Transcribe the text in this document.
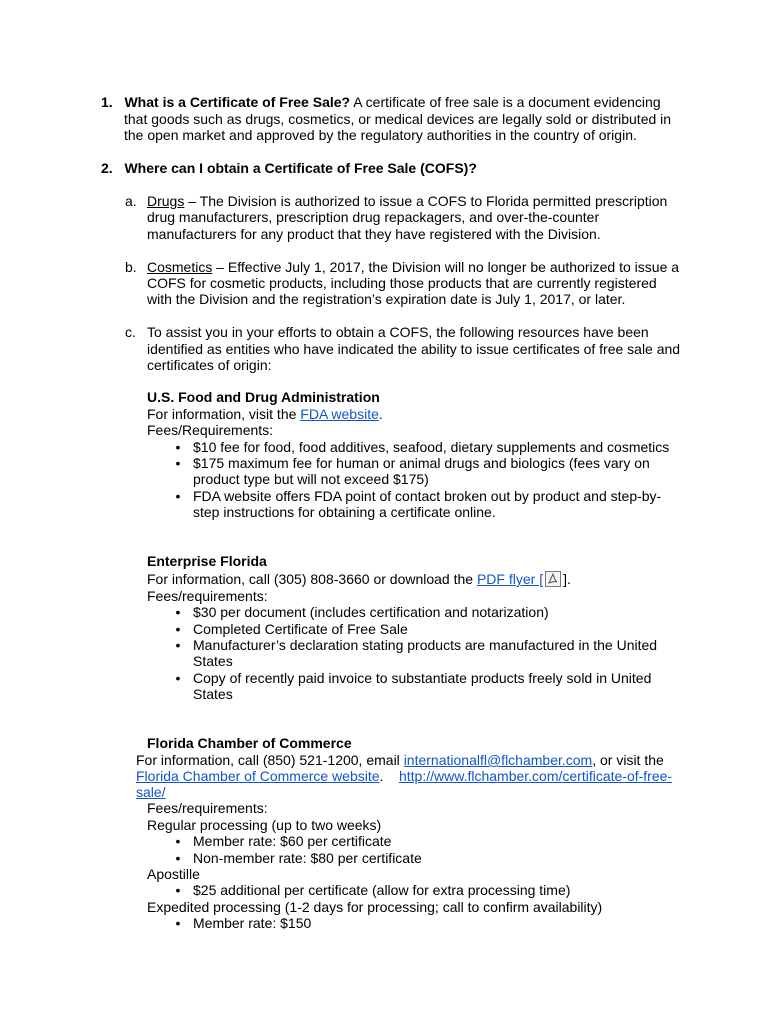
1. What is a Certificate of Free Sale? A certificate of free sale is a document evidencing
that goods such as drugs, cosmetics, or medical devices are legally sold or distributed in
the open market and approved by the regulatory authorities in the country of origin.
2. Where can I obtain a Certificate of Free Sale (COFS)?
a. Drugs – The Division is authorized to issue a COFS to Florida permitted prescription
drug manufacturers, prescription drug repackagers, and over-the-counter
manufacturers for any product that they have registered with the Division.
b. Cosmetics – Effective July 1, 2017, the Division will no longer be authorized to issue a
COFS for cosmetic products, including those products that are currently registered
with the Division and the registration’s expiration date is July 1, 2017, or later.
c. To assist you in your efforts to obtain a COFS, the following resources have been
identified as entities who have indicated the ability to issue certificates of free sale and
certificates of origin:
U.S. Food and Drug Administration
For information, visit the FDA website.
Fees/Requirements:
• $10 fee for food, food additives, seafood, dietary supplements and cosmetics
• $175 maximum fee for human or animal drugs and biologics (fees vary on
product type but will not exceed $175)
• FDA website offers FDA point of contact broken out by product and step-by-
step instructions for obtaining a certificate online.
Enterprise Florida
For information, call (305) 808-3660 or download the PDF flyer [ ].
Fees/requirements:
• $30 per document (includes certification and notarization)
• Completed Certificate of Free Sale
• Manufacturer’s declaration stating products are manufactured in the United
States
• Copy of recently paid invoice to substantiate products freely sold in United
States
Florida Chamber of Commerce
For information, call (850) 521-1200, email internationalfl@flchamber.com, or visit the
Florida Chamber of Commerce website.    http://www.flchamber.com/certificate-of-free-
sale/
Fees/requirements:
Regular processing (up to two weeks)
• Member rate: $60 per certificate
• Non-member rate: $80 per certificate
Apostille
• $25 additional per certificate (allow for extra processing time)
Expedited processing (1-2 days for processing; call to confirm availability)
• Member rate: $150
